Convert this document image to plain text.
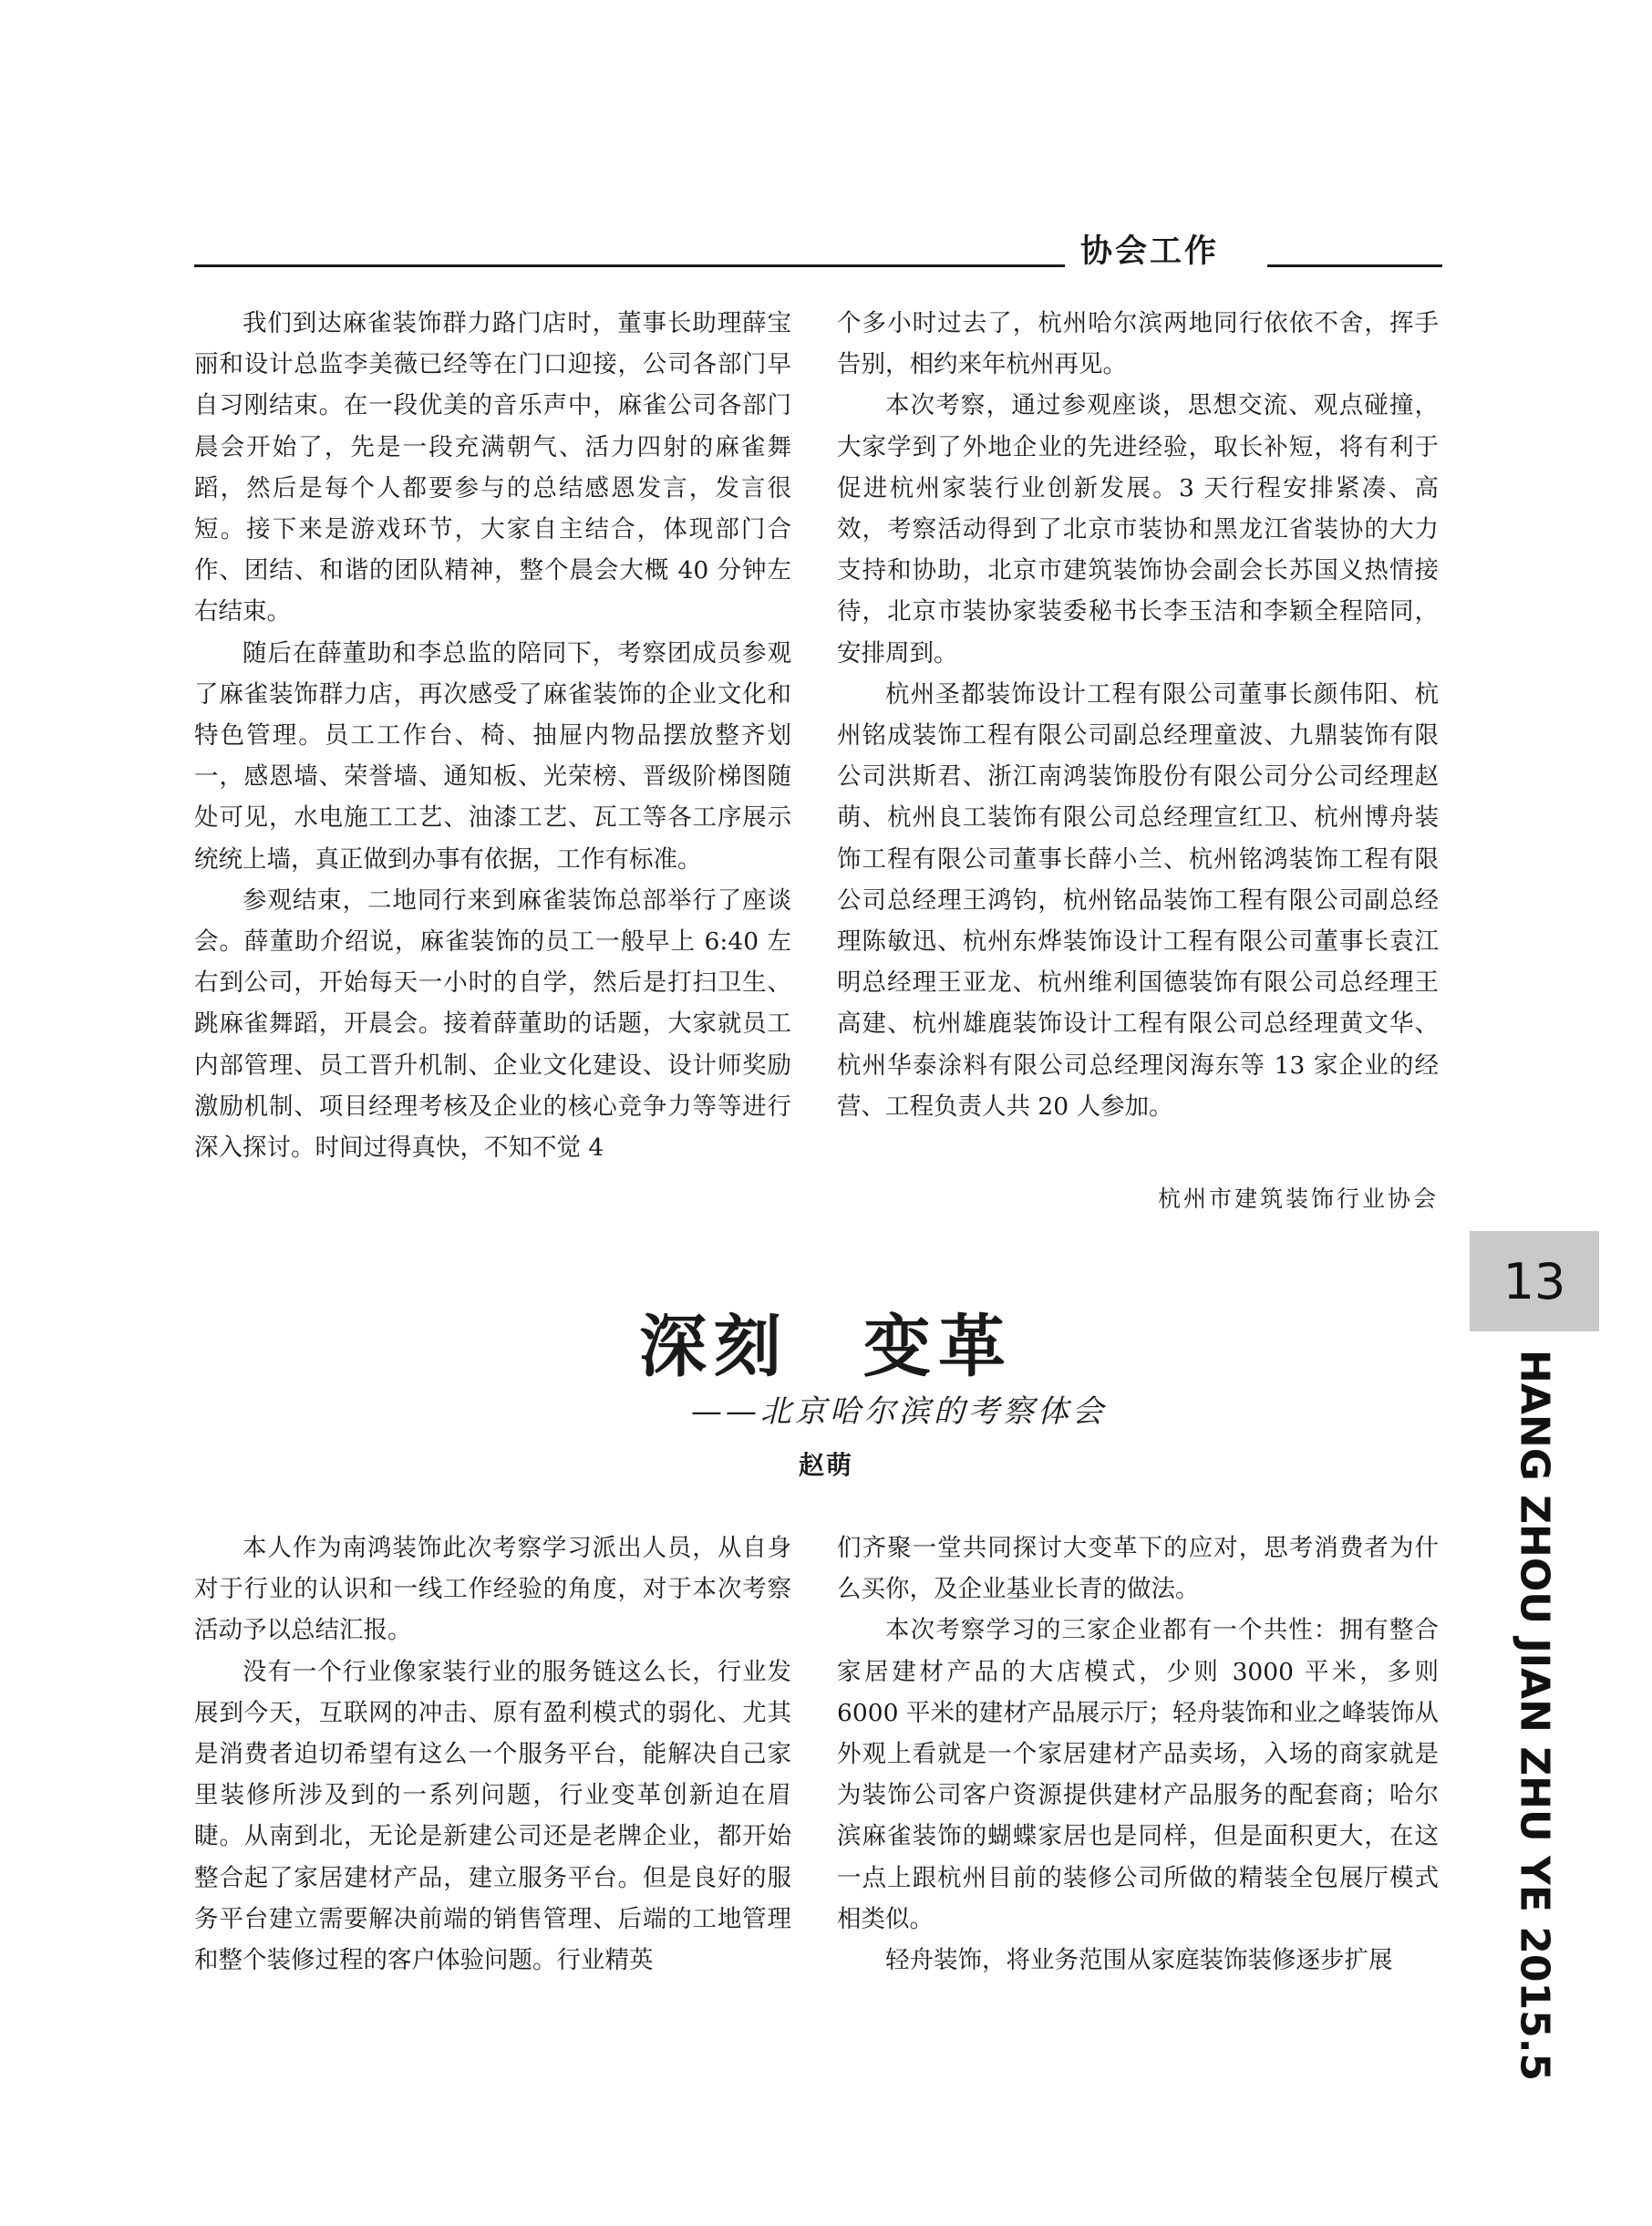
协会工作

我们到达麻雀装饰群力路门店时，董事长助理薛宝丽和设计总监李美薇已经等在门口迎接，公司各部门早自习刚结束。在一段优美的音乐声中，麻雀公司各部门晨会开始了，先是一段充满朝气、活力四射的麻雀舞蹈，然后是每个人都要参与的总结感恩发言，发言很短。接下来是游戏环节，大家自主结合，体现部门合作、团结、和谐的团队精神，整个晨会大概 40 分钟左右结束。

随后在薛董助和李总监的陪同下，考察团成员参观了麻雀装饰群力店，再次感受了麻雀装饰的企业文化和特色管理。员工工作台、椅、抽屉内物品摆放整齐划一，感恩墙、荣誉墙、通知板、光荣榜、晋级阶梯图随处可见，水电施工工艺、油漆工艺、瓦工等各工序展示统统上墙，真正做到办事有依据，工作有标准。

参观结束，二地同行来到麻雀装饰总部举行了座谈会。薛董助介绍说，麻雀装饰的员工一般早上 6:40 左右到公司，开始每天一小时的自学，然后是打扫卫生、跳麻雀舞蹈，开晨会。接着薛董助的话题，大家就员工内部管理、员工晋升机制、企业文化建设、设计师奖励激励机制、项目经理考核及企业的核心竞争力等等进行深入探讨。时间过得真快，不知不觉 4

个多小时过去了，杭州哈尔滨两地同行依依不舍，挥手告别，相约来年杭州再见。

本次考察，通过参观座谈，思想交流、观点碰撞，大家学到了外地企业的先进经验，取长补短，将有利于促进杭州家装行业创新发展。3 天行程安排紧凑、高效，考察活动得到了北京市装协和黑龙江省装协的大力支持和协助，北京市建筑装饰协会副会长苏国义热情接待，北京市装协家装委秘书长李玉洁和李颖全程陪同，安排周到。

杭州圣都装饰设计工程有限公司董事长颜伟阳、杭州铭成装饰工程有限公司副总经理童波、九鼎装饰有限公司洪斯君、浙江南鸿装饰股份有限公司分公司经理赵萌、杭州良工装饰有限公司总经理宣红卫、杭州博舟装饰工程有限公司董事长薛小兰、杭州铭鸿装饰工程有限公司总经理王鸿钧，杭州铭品装饰工程有限公司副总经理陈敏迅、杭州东烨装饰设计工程有限公司董事长袁江明总经理王亚龙、杭州维利国德装饰有限公司总经理王高建、杭州雄鹿装饰设计工程有限公司总经理黄文华、杭州华泰涂料有限公司总经理闵海东等 13 家企业的经营、工程负责人共 20 人参加。

杭州市建筑装饰行业协会
深刻　变革
——北京哈尔滨的考察体会
赵萌

本人作为南鸿装饰此次考察学习派出人员，从自身对于行业的认识和一线工作经验的角度，对于本次考察活动予以总结汇报。

没有一个行业像家装行业的服务链这么长，行业发展到今天，互联网的冲击、原有盈利模式的弱化、尤其是消费者迫切希望有这么一个服务平台，能解决自己家里装修所涉及到的一系列问题，行业变革创新迫在眉睫。从南到北，无论是新建公司还是老牌企业，都开始整合起了家居建材产品，建立服务平台。但是良好的服务平台建立需要解决前端的销售管理、后端的工地管理和整个装修过程的客户体验问题。行业精英

们齐聚一堂共同探讨大变革下的应对，思考消费者为什么买你，及企业基业长青的做法。

本次考察学习的三家企业都有一个共性：拥有整合家居建材产品的大店模式，少则 3000 平米，多则 6000 平米的建材产品展示厅；轻舟装饰和业之峰装饰从外观上看就是一个家居建材产品卖场，入场的商家就是为装饰公司客户资源提供建材产品服务的配套商；哈尔滨麻雀装饰的蝴蝶家居也是同样，但是面积更大，在这一点上跟杭州目前的装修公司所做的精装全包展厅模式相类似。

轻舟装饰，将业务范围从家庭装饰装修逐步扩展

13
HANG ZHOU JIAN ZHU YE 2015.5
